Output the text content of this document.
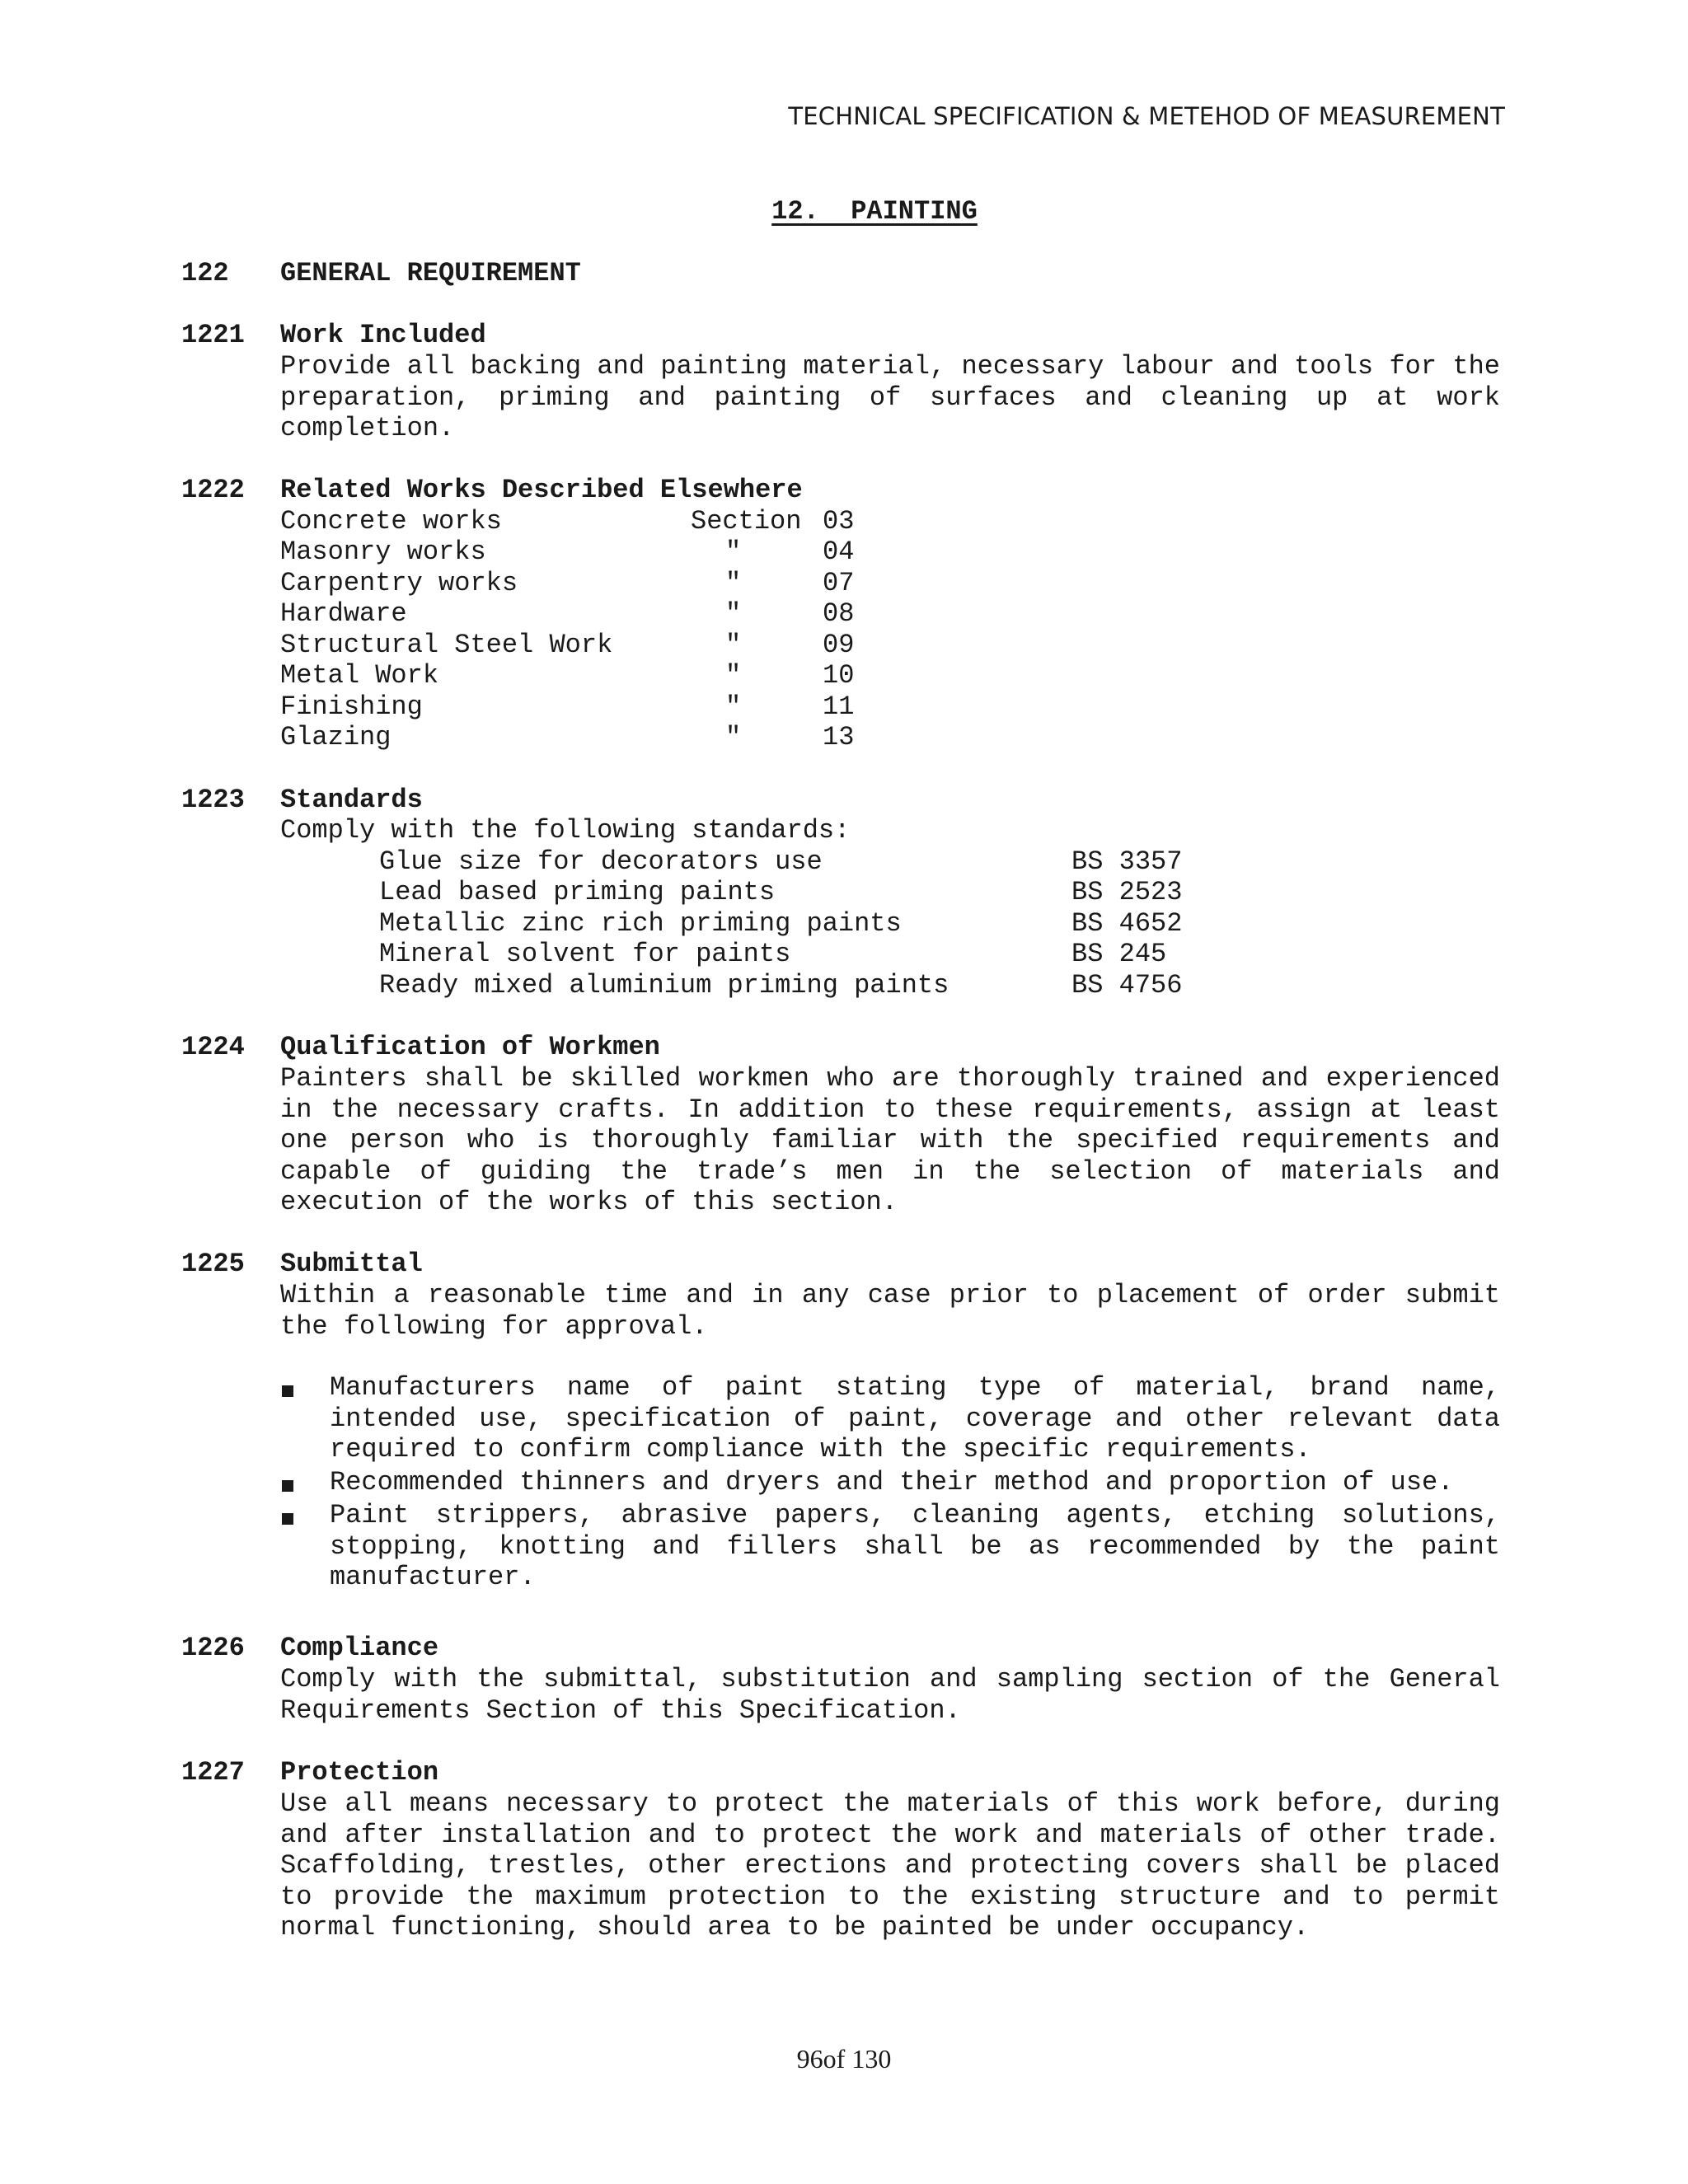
TECHNICAL SPECIFICATION & METEHOD OF MEASUREMENT
12.  PAINTING
122 GENERAL REQUIREMENT
1221 Work Included
Provide all backing and painting material, necessary labour and tools for the preparation, priming and painting of surfaces and cleaning up at work completion.
1222 Related Works Described Elsewhere
Concrete works	Section 03
Masonry works	"	04
Carpentry works	"	07
Hardware	"	08
Structural Steel Work	"	09
Metal Work	"	10
Finishing	"	11
Glazing	"	13
1223 Standards
Comply with the following standards:
Glue size for decorators use	BS 3357
Lead based priming paints	BS 2523
Metallic zinc rich priming paints	BS 4652
Mineral solvent for paints	BS 245
Ready mixed aluminium priming paints	BS 4756
1224 Qualification of Workmen
Painters shall be skilled workmen who are thoroughly trained and experienced in the necessary crafts. In addition to these requirements, assign at least one person who is thoroughly familiar with the specified requirements and capable of guiding the trade’s men in the selection of materials and execution of the works of this section.
1225 Submittal
Within a reasonable time and in any case prior to placement of order submit the following for approval.
Manufacturers name of paint stating type of material, brand name, intended use, specification of paint, coverage and other relevant data required to confirm compliance with the specific requirements.
Recommended thinners and dryers and their method and proportion of use.
Paint strippers, abrasive papers, cleaning agents, etching solutions, stopping, knotting and fillers shall be as recommended by the paint manufacturer.
1226 Compliance
Comply with the submittal, substitution and sampling section of the General Requirements Section of this Specification.
1227 Protection
Use all means necessary to protect the materials of this work before, during and after installation and to protect the work and materials of other trade. Scaffolding, trestles, other erections and protecting covers shall be placed to provide the maximum protection to the existing structure and to permit normal functioning, should area to be painted be under occupancy.
96of 130
